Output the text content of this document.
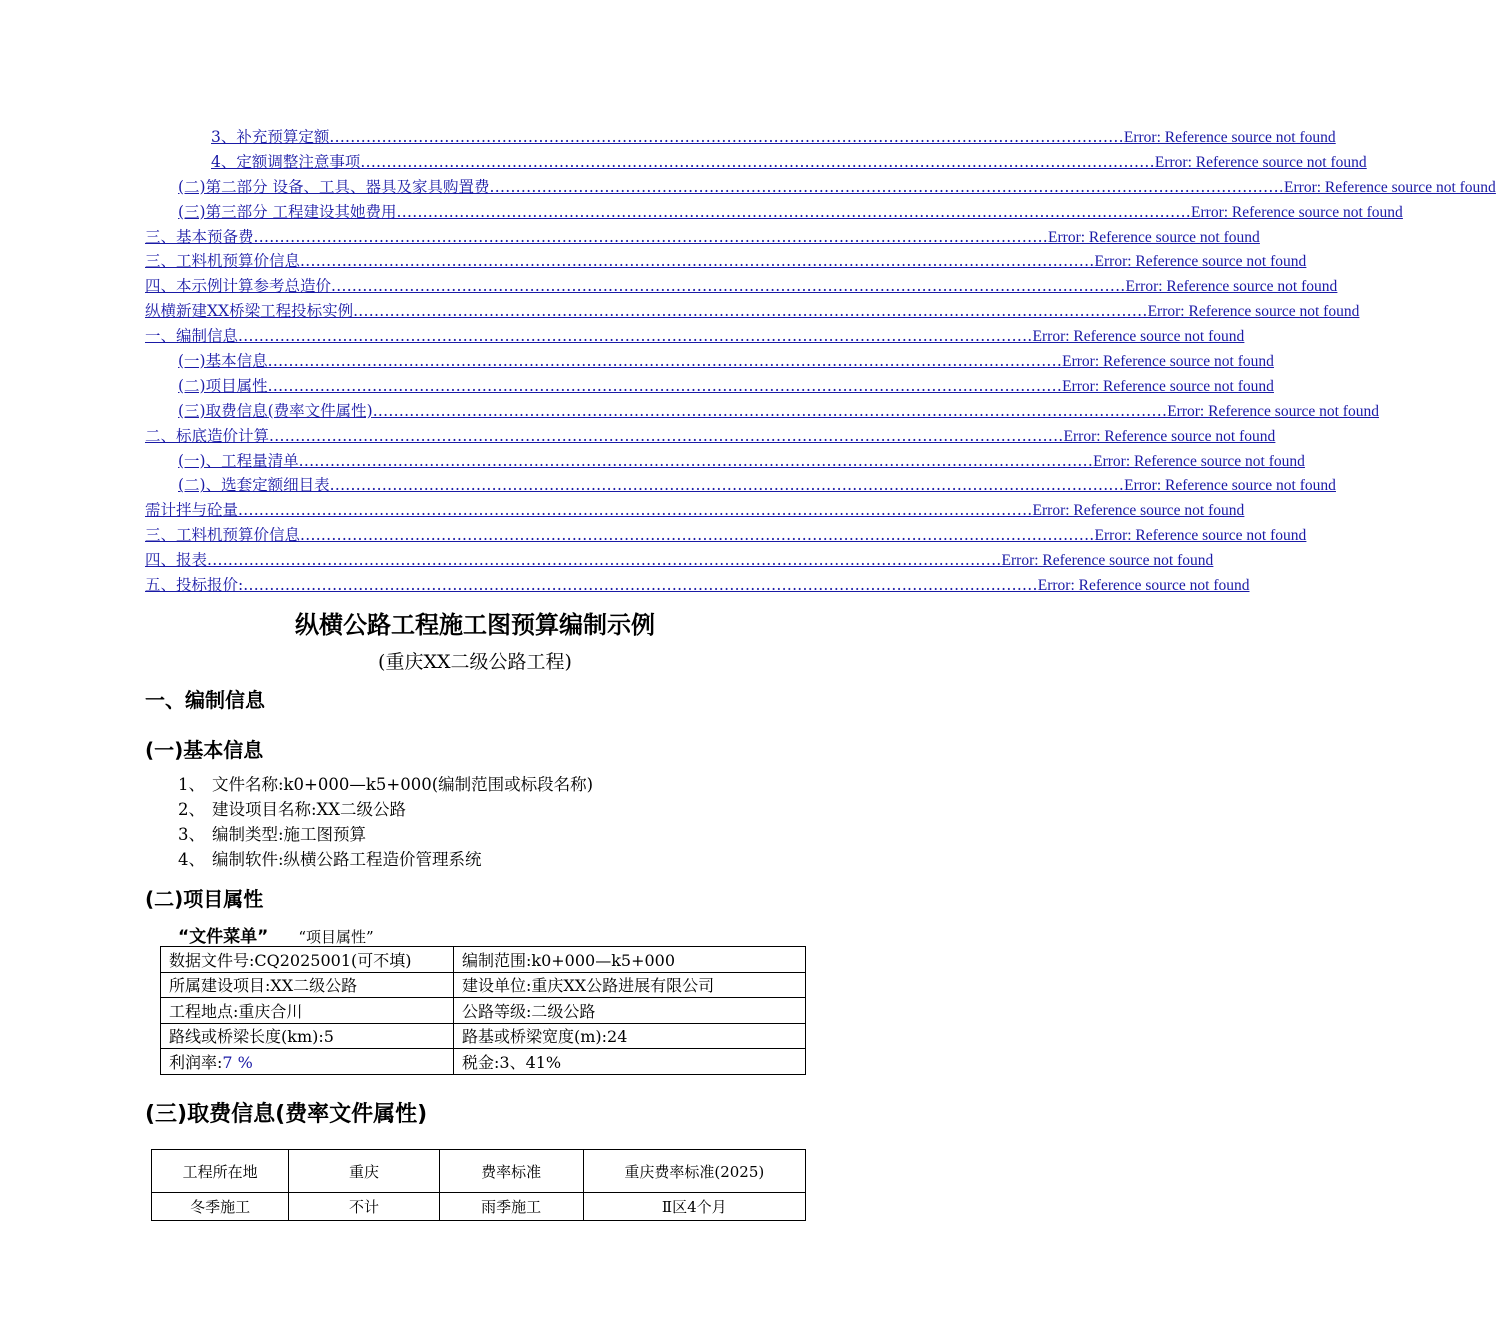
3、补充预算定额 ........................................................................................................................................................ Error: Reference source not found
4、定额调整注意事项 ........................................................................................................................................................ Error: Reference source not found
(二)第二部分 设备、工具、器具及家具购置费 ........................................................................................................................................................ Error: Reference source not found
(三)第三部分 工程建设其她费用 ........................................................................................................................................................ Error: Reference source not found
三、基本预备费 ........................................................................................................................................................ Error: Reference source not found
三、工料机预算价信息 ........................................................................................................................................................ Error: Reference source not found
四、本示例计算参考总造价 ........................................................................................................................................................ Error: Reference source not found
纵横新建XX桥梁工程投标实例 ........................................................................................................................................................ Error: Reference source not found
一、编制信息 ........................................................................................................................................................ Error: Reference source not found
(一)基本信息 ........................................................................................................................................................ Error: Reference source not found
(二)项目属性 ........................................................................................................................................................ Error: Reference source not found
(三)取费信息(费率文件属性) ........................................................................................................................................................ Error: Reference source not found
二、标底造价计算 ........................................................................................................................................................ Error: Reference source not found
(一)、工程量清单 ........................................................................................................................................................ Error: Reference source not found
(二)、选套定额细目表 ........................................................................................................................................................ Error: Reference source not found
需计拌与砼量 ........................................................................................................................................................ Error: Reference source not found
三、工料机预算价信息 ........................................................................................................................................................ Error: Reference source not found
四、报表 ........................................................................................................................................................ Error: Reference source not found
五、投标报价: ........................................................................................................................................................ Error: Reference source not found
纵横公路工程施工图预算编制示例
(重庆XX二级公路工程)
一、编制信息
(一)基本信息
1、 文件名称:k0+000—k5+000(编制范围或标段名称)
2、 建设项目名称:XX二级公路
3、 编制类型:施工图预算
4、 编制软件:纵横公路工程造价管理系统
(二)项目属性
“文件菜单” “项目属性”
数据文件号:CQ2025001(可不填)	编制范围:k0+000—k5+000
所属建设项目:XX二级公路	建设单位:重庆XX公路进展有限公司
工程地点:重庆合川	公路等级:二级公路
路线或桥梁长度(km):5	路基或桥梁宽度(m):24
利润率:7 %	税金:3、41%
(三)取费信息(费率文件属性)
工程所在地	重庆	费率标准	重庆费率标准(2025)
冬季施工	不计	雨季施工	Ⅱ区4个月
